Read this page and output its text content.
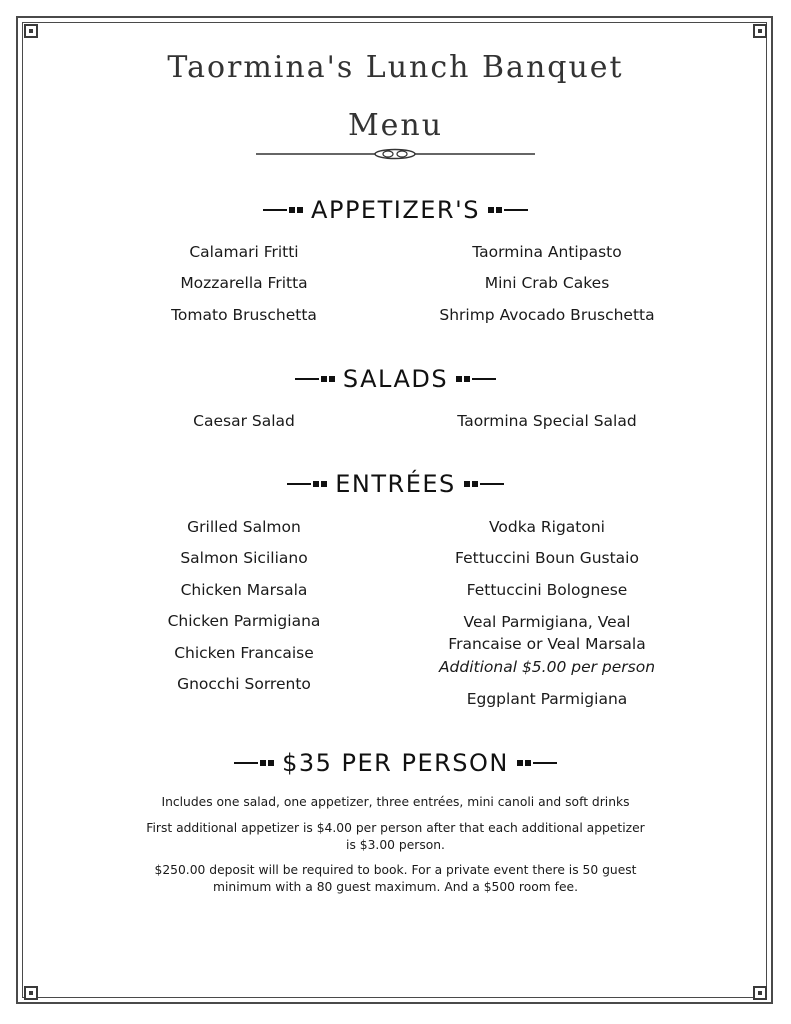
Taormina's Lunch Banquet
Menu
APPETIZER'S
Calamari Fritti
Mozzarella Fritta
Tomato Bruschetta
Taormina Antipasto
Mini Crab Cakes
Shrimp Avocado Bruschetta
SALADS
Caesar Salad	Taormina Special Salad
ENTRÉES
Grilled Salmon
Salmon Siciliano
Chicken Marsala
Chicken Parmigiana
Chicken Francaise
Gnocchi Sorrento
Vodka Rigatoni
Fettuccini Boun Gustaio
Fettuccini Bolognese
Veal Parmigiana, Veal Francaise or Veal Marsala
Additional $5.00 per person
Eggplant Parmigiana
$35 PER PERSON
Includes one salad, one appetizer, three entrées, mini canoli and soft drinks
First additional appetizer is $4.00 per person after that each additional appetizer is $3.00 person.
$250.00 deposit will be required to book. For a private event there is 50 guest minimum with a 80 guest maximum. And a $500 room fee.
